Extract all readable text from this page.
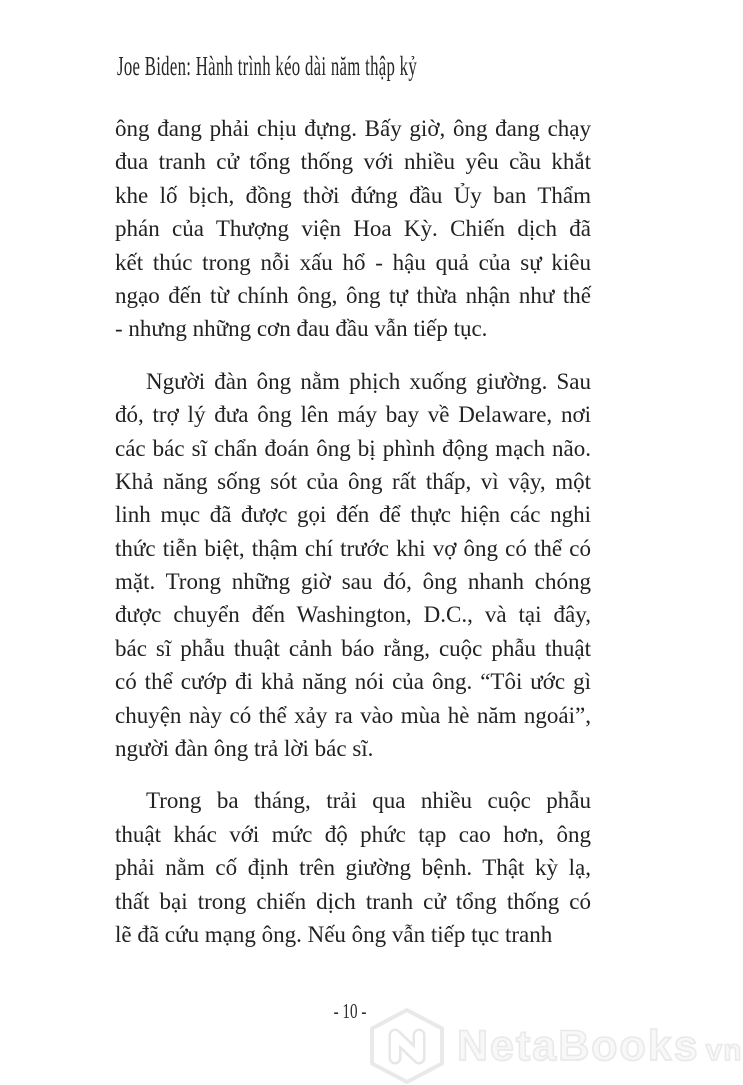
Joe Biden: Hành trình kéo dài năm thập kỷ
ông đang phải chịu đựng. Bấy giờ, ông đang chạy
đua tranh cử tổng thống với nhiều yêu cầu khắt
khe lố bịch, đồng thời đứng đầu Ủy ban Thẩm
phán của Thượng viện Hoa Kỳ. Chiến dịch đã
kết thúc trong nỗi xấu hổ - hậu quả của sự kiêu
ngạo đến từ chính ông, ông tự thừa nhận như thế
- nhưng những cơn đau đầu vẫn tiếp tục.
Người đàn ông nằm phịch xuống giường. Sau
đó, trợ lý đưa ông lên máy bay về Delaware, nơi
các bác sĩ chẩn đoán ông bị phình động mạch não.
Khả năng sống sót của ông rất thấp, vì vậy, một
linh mục đã được gọi đến để thực hiện các nghi
thức tiễn biệt, thậm chí trước khi vợ ông có thể có
mặt. Trong những giờ sau đó, ông nhanh chóng
được chuyển đến Washington, D.C., và tại đây,
bác sĩ phẫu thuật cảnh báo rằng, cuộc phẫu thuật
có thể cướp đi khả năng nói của ông. “Tôi ước gì
chuyện này có thể xảy ra vào mùa hè năm ngoái”,
người đàn ông trả lời bác sĩ.
Trong ba tháng, trải qua nhiều cuộc phẫu
thuật khác với mức độ phức tạp cao hơn, ông
phải nằm cố định trên giường bệnh. Thật kỳ lạ,
thất bại trong chiến dịch tranh cử tổng thống có
lẽ đã cứu mạng ông. Nếu ông vẫn tiếp tục tranh
- 10 -
NetaBooks vn
